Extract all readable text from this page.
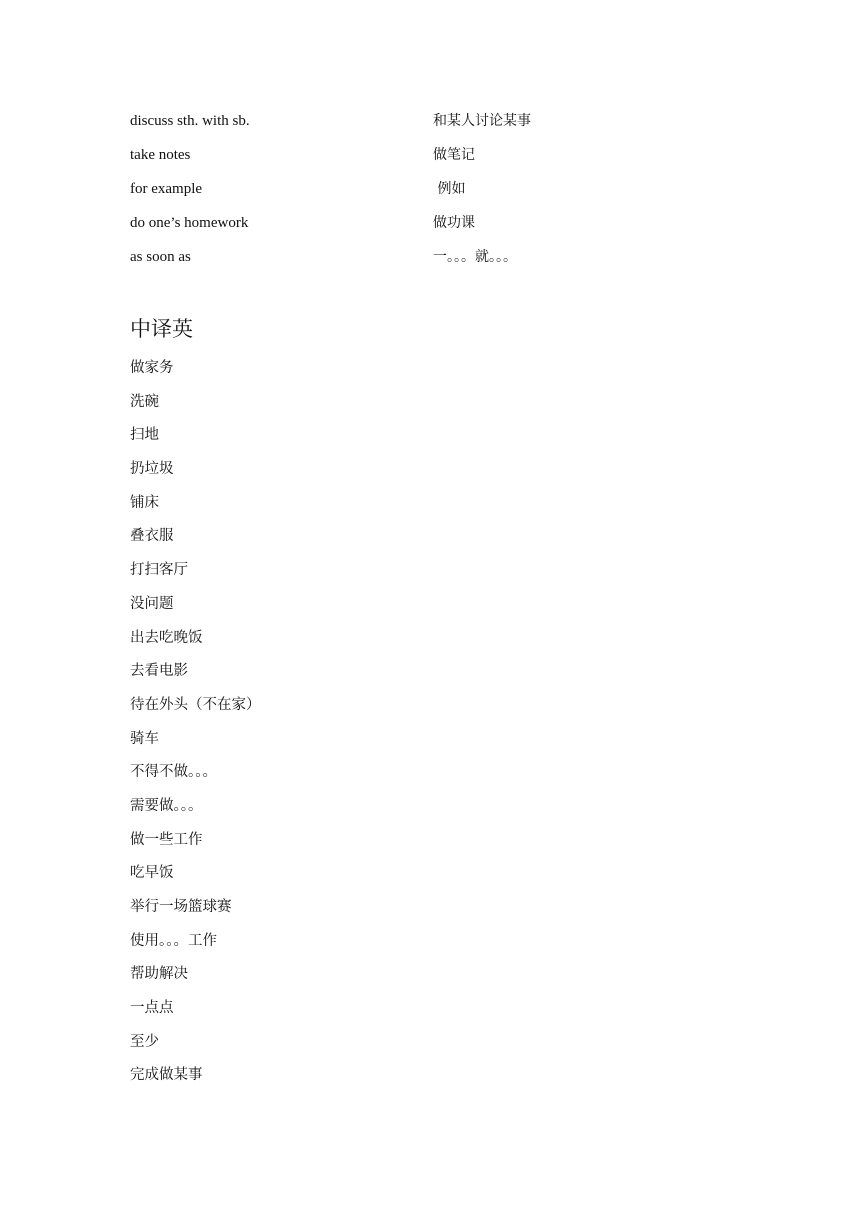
discuss sth. with sb.	和某人讨论某事
take notes	做笔记
for example	例如
do one’s homework	做功课
as soon as	一。。。就。。。
中译英
做家务
洗碗
扫地
扔垃圾
铺床
叠衣服
打扫客厅
没问题
出去吃晚饭
去看电影
待在外头（不在家）
骑车
不得不做。。。
需要做。。。
做一些工作
吃早饭
举行一场篮球赛
使用。。。工作
帮助解决
一点点
至少
完成做某事
